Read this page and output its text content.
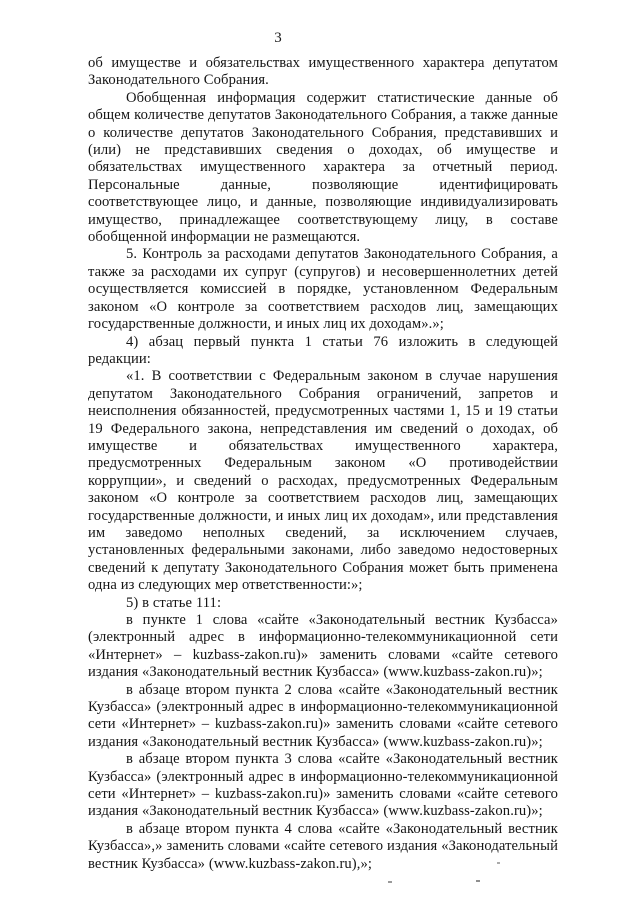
3

об имуществе и обязательствах имущественного характера депутатом Законодательного Собрания.

Обобщенная информация содержит статистические данные об общем количестве депутатов Законодательного Собрания, а также данные о количестве депутатов Законодательного Собрания, представивших и (или) не представивших сведения о доходах, об имуществе и обязательствах имущественного характера за отчетный период. Персональные данные, позволяющие идентифицировать соответствующее лицо, и данные, позволяющие индивидуализировать имущество, принадлежащее соответствующему лицу, в составе обобщенной информации не размещаются.

5. Контроль за расходами депутатов Законодательного Собрания, а также за расходами их супруг (супругов) и несовершеннолетних детей осуществляется комиссией в порядке, установленном Федеральным законом «О контроле за соответствием расходов лиц, замещающих государственные должности, и иных лиц их доходам».»;

4) абзац первый пункта 1 статьи 76 изложить в следующей редакции:

«1. В соответствии с Федеральным законом в случае нарушения депутатом Законодательного Собрания ограничений, запретов и неисполнения обязанностей, предусмотренных частями 1, 15 и 19 статьи 19 Федерального закона, непредставления им сведений о доходах, об имуществе и обязательствах имущественного характера, предусмотренных Федеральным законом «О противодействии коррупции», и сведений о расходах, предусмотренных Федеральным законом «О контроле за соответствием расходов лиц, замещающих государственные должности, и иных лиц их доходам», или представления им заведомо неполных сведений, за исключением случаев, установленных федеральными законами, либо заведомо недостоверных сведений к депутату Законодательного Собрания может быть применена одна из следующих мер ответственности:»;

5) в статье 111:

в пункте 1 слова «сайте «Законодательный вестник Кузбасса» (электронный адрес в информационно-телекоммуникационной сети «Интернет» – kuzbass-zakon.ru)» заменить словами «сайте сетевого издания «Законодательный вестник Кузбасса» (www.kuzbass-zakon.ru)»;

в абзаце втором пункта 2 слова «сайте «Законодательный вестник Кузбасса» (электронный адрес в информационно-телекоммуникационной сети «Интернет» – kuzbass-zakon.ru)» заменить словами «сайте сетевого издания «Законодательный вестник Кузбасса» (www.kuzbass-zakon.ru)»;

в абзаце втором пункта 3 слова «сайте «Законодательный вестник Кузбасса» (электронный адрес в информационно-телекоммуникационной сети «Интернет» – kuzbass-zakon.ru)» заменить словами «сайте сетевого издания «Законодательный вестник Кузбасса» (www.kuzbass-zakon.ru)»;

в абзаце втором пункта 4 слова «сайте «Законодательный вестник Кузбасса»,» заменить словами «сайте сетевого издания «Законодательный вестник Кузбасса» (www.kuzbass-zakon.ru),»;
